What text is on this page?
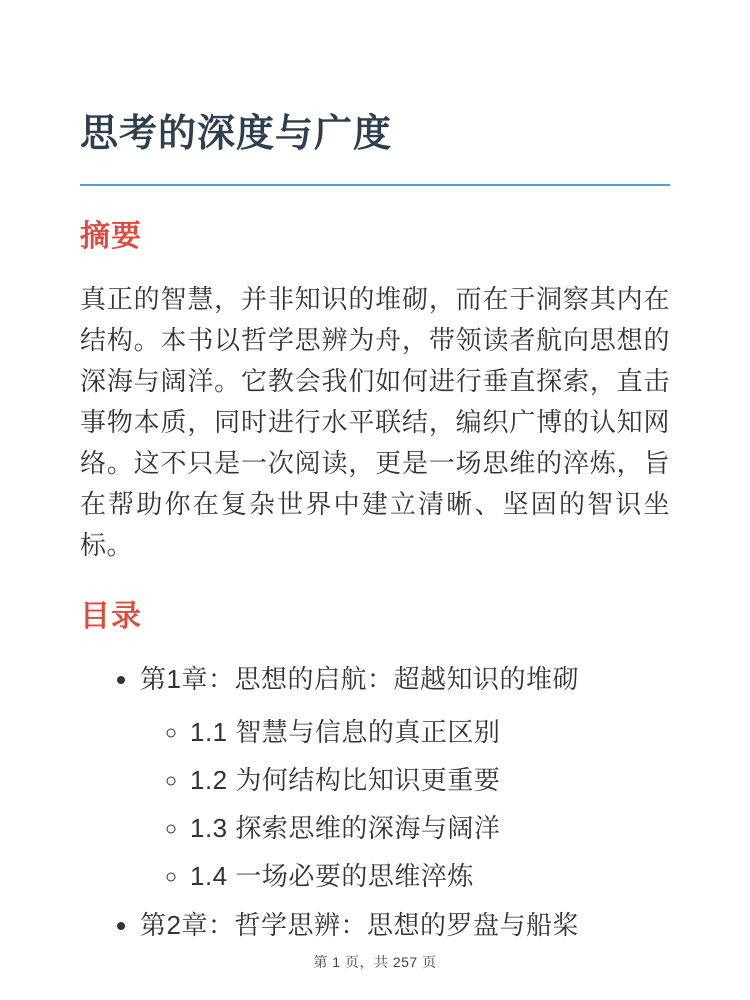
思考的深度与广度
摘要

真正的智慧，并非知识的堆砌，而在于洞察其内在结构。本书以哲学思辨为舟，带领读者航向思想的深海与阔洋。它教会我们如何进行垂直探索，直击事物本质，同时进行水平联结，编织广博的认知网络。这不只是一次阅读，更是一场思维的淬炼，旨在帮助你在复杂世界中建立清晰、坚固的智识坐标。

目录
• 第1章：思想的启航：超越知识的堆砌
◦ 1.1 智慧与信息的真正区别
◦ 1.2 为何结构比知识更重要
◦ 1.3 探索思维的深海与阔洋
◦ 1.4 一场必要的思维淬炼
• 第2章：哲学思辨：思想的罗盘与船桨
第 1 页，共 257 页
